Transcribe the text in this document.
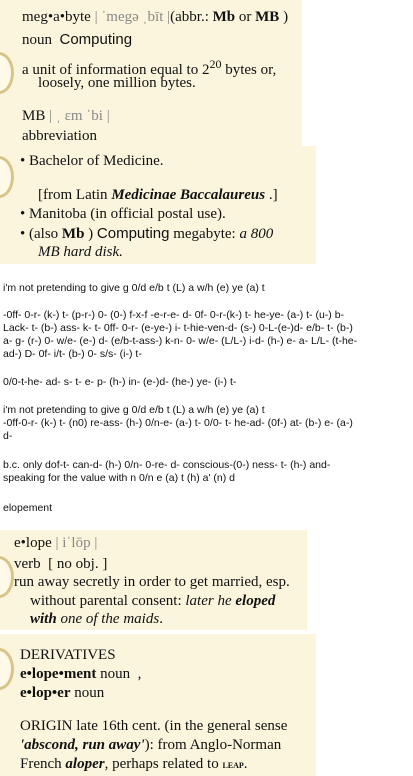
meg•a•byte | ˈmegə ˌbīt |(abbr.: Mb or MB )
noun Computing
a unit of information equal to $2^{20}$ bytes or,
loosely, one million bytes.
MB | ˌ ɛm ˈbi |
abbreviation
• Bachelor of Medicine.
[from Latin Medicinae Baccalaureus .]
• Manitoba (in official postal use).
• (also Mb ) Computing megabyte: a 800
MB hard disk.
i'm not pretending to give g 0/d e/b t (L) a w/h (e) ye (a) t
-0ff- 0-r- (k-) t- (p-r-) 0- (0-) f-x-f -e-r-e- d- 0f- 0-r-(k-) t- he-ye- (a-) t- (u-) b-
Lack- t- (b-) ass- k- t- 0ff- 0-r- (e-ye-) i- t-hie-ven-d- (s-) 0-L-(e-)d- e/b- t- (b-)
a- g- (r-) 0- w/e- (e-) d- (e/b-t-ass-) k-n- 0- w/e- (L/L-) i-d- (h-) e- a- L/L- (t-he-
ad-) D- 0f- i/t- (b-) 0- s/s- (i-) t-
0/0-t-he- ad- s- t- e- p- (h-) in- (e-)d- (he-) ye- (i-) t-
i'm not pretending to give g 0/d e/b t (L) a w/h (e) ye (a) t
-0ff-0-r- (k-) t- (n0) re-ass- (h-) 0/n-e- (a-) t- 0/0- t- he-ad- (0f-) at- (b-) e- (a-)
d-
b.c. only dof-t- can-d- (h-) 0/n- 0-re- d- conscious-(0-) ness- t- (h-) and-
speaking for the value with n 0/n e (a) t (h) a' (n) d
elopement
e•lope | iˈlōp |
verb [ no obj. ]
run away secretly in order to get married, esp.
without parental consent: later he eloped
with one of the maids.
DERIVATIVES
e•lope•ment noun ,
e•lop•er noun
ORIGIN late 16th cent. (in the general sense
'abscond, run away'): from Anglo-Norman
French aloper, perhaps related to leap.
